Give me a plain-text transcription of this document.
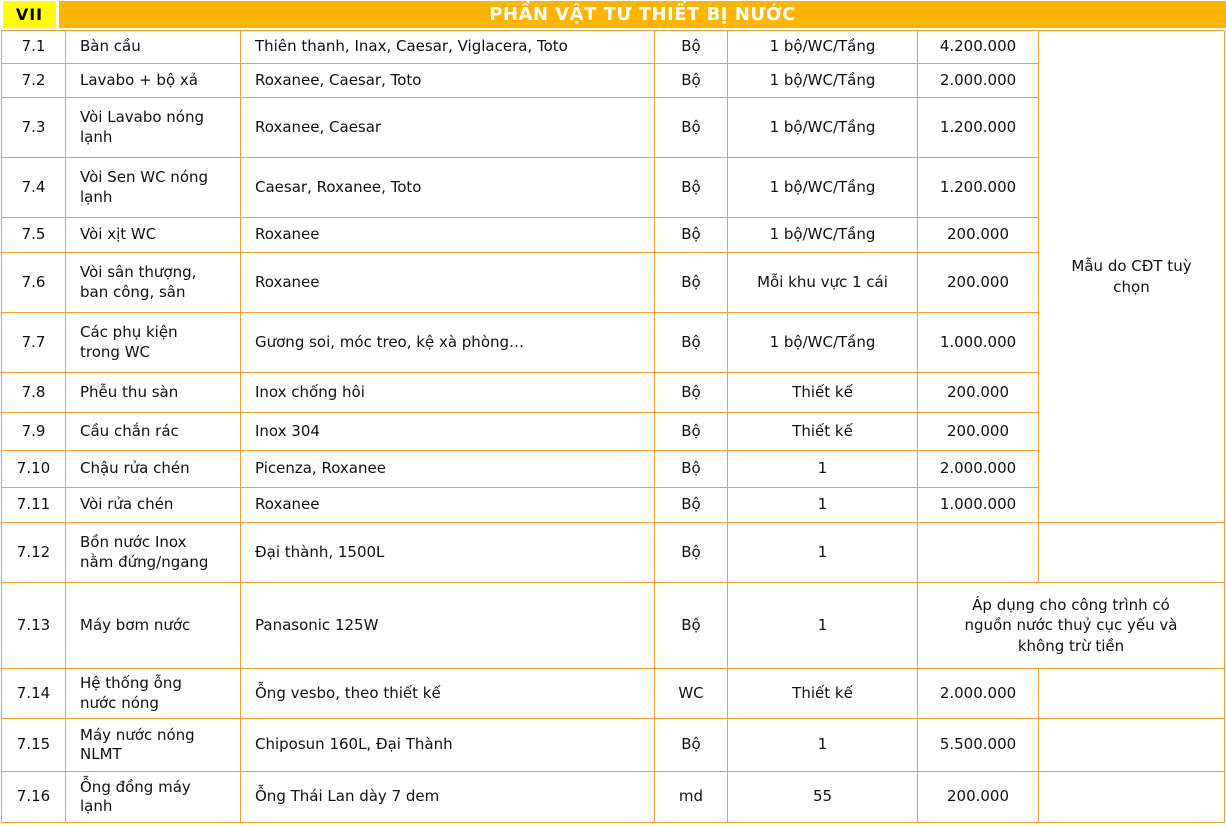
VII	PHẦN VẬT TƯ THIẾT BỊ NƯỚC
7.1	Bàn cầu	Thiên thanh, Inax, Caesar, Viglacera, Toto	Bộ	1 bộ/WC/Tầng	4.200.000	Mẫu do CĐT tuỳ chọn
7.2	Lavabo + bộ xả	Roxanee, Caesar, Toto	Bộ	1 bộ/WC/Tầng	2.000.000	
7.3	Vòi Lavabo nóng lạnh	Roxanee, Caesar	Bộ	1 bộ/WC/Tầng	1.200.000	
7.4	Vòi Sen WC nóng lạnh	Caesar, Roxanee, Toto	Bộ	1 bộ/WC/Tầng	1.200.000	
7.5	Vòi xịt WC	Roxanee	Bộ	1 bộ/WC/Tầng	200.000	
7.6	Vòi sân thượng, ban công, sân	Roxanee	Bộ	Mỗi khu vực 1 cái	200.000	
7.7	Các phụ kiện trong WC	Gương soi, móc treo, kệ xà phòng…	Bộ	1 bộ/WC/Tầng	1.000.000	
7.8	Phễu thu sàn	Inox chống hôi	Bộ	Thiết kế	200.000	
7.9	Cầu chắn rác	Inox 304	Bộ	Thiết kế	200.000	
7.10	Chậu rửa chén	Picenza, Roxanee	Bộ	1	2.000.000	
7.11	Vòi rửa chén	Roxanee	Bộ	1	1.000.000	
7.12	Bồn nước Inox nằm đứng/ngang	Đại thành, 1500L	Bộ	1		
7.13	Máy bơm nước	Panasonic 125W	Bộ	1	Áp dụng cho công trình có nguồn nước thuỷ cục yếu và không trừ tiền	
7.14	Hệ thống ỗng nước nóng	Ỗng vesbo, theo thiết kế	WC	Thiết kế	2.000.000	
7.15	Máy nước nóng NLMT	Chiposun 160L, Đại Thành	Bộ	1	5.500.000	
7.16	Ỗng đồng máy lạnh	Ỗng Thái Lan dày 7 dem	md	55	200.000	
